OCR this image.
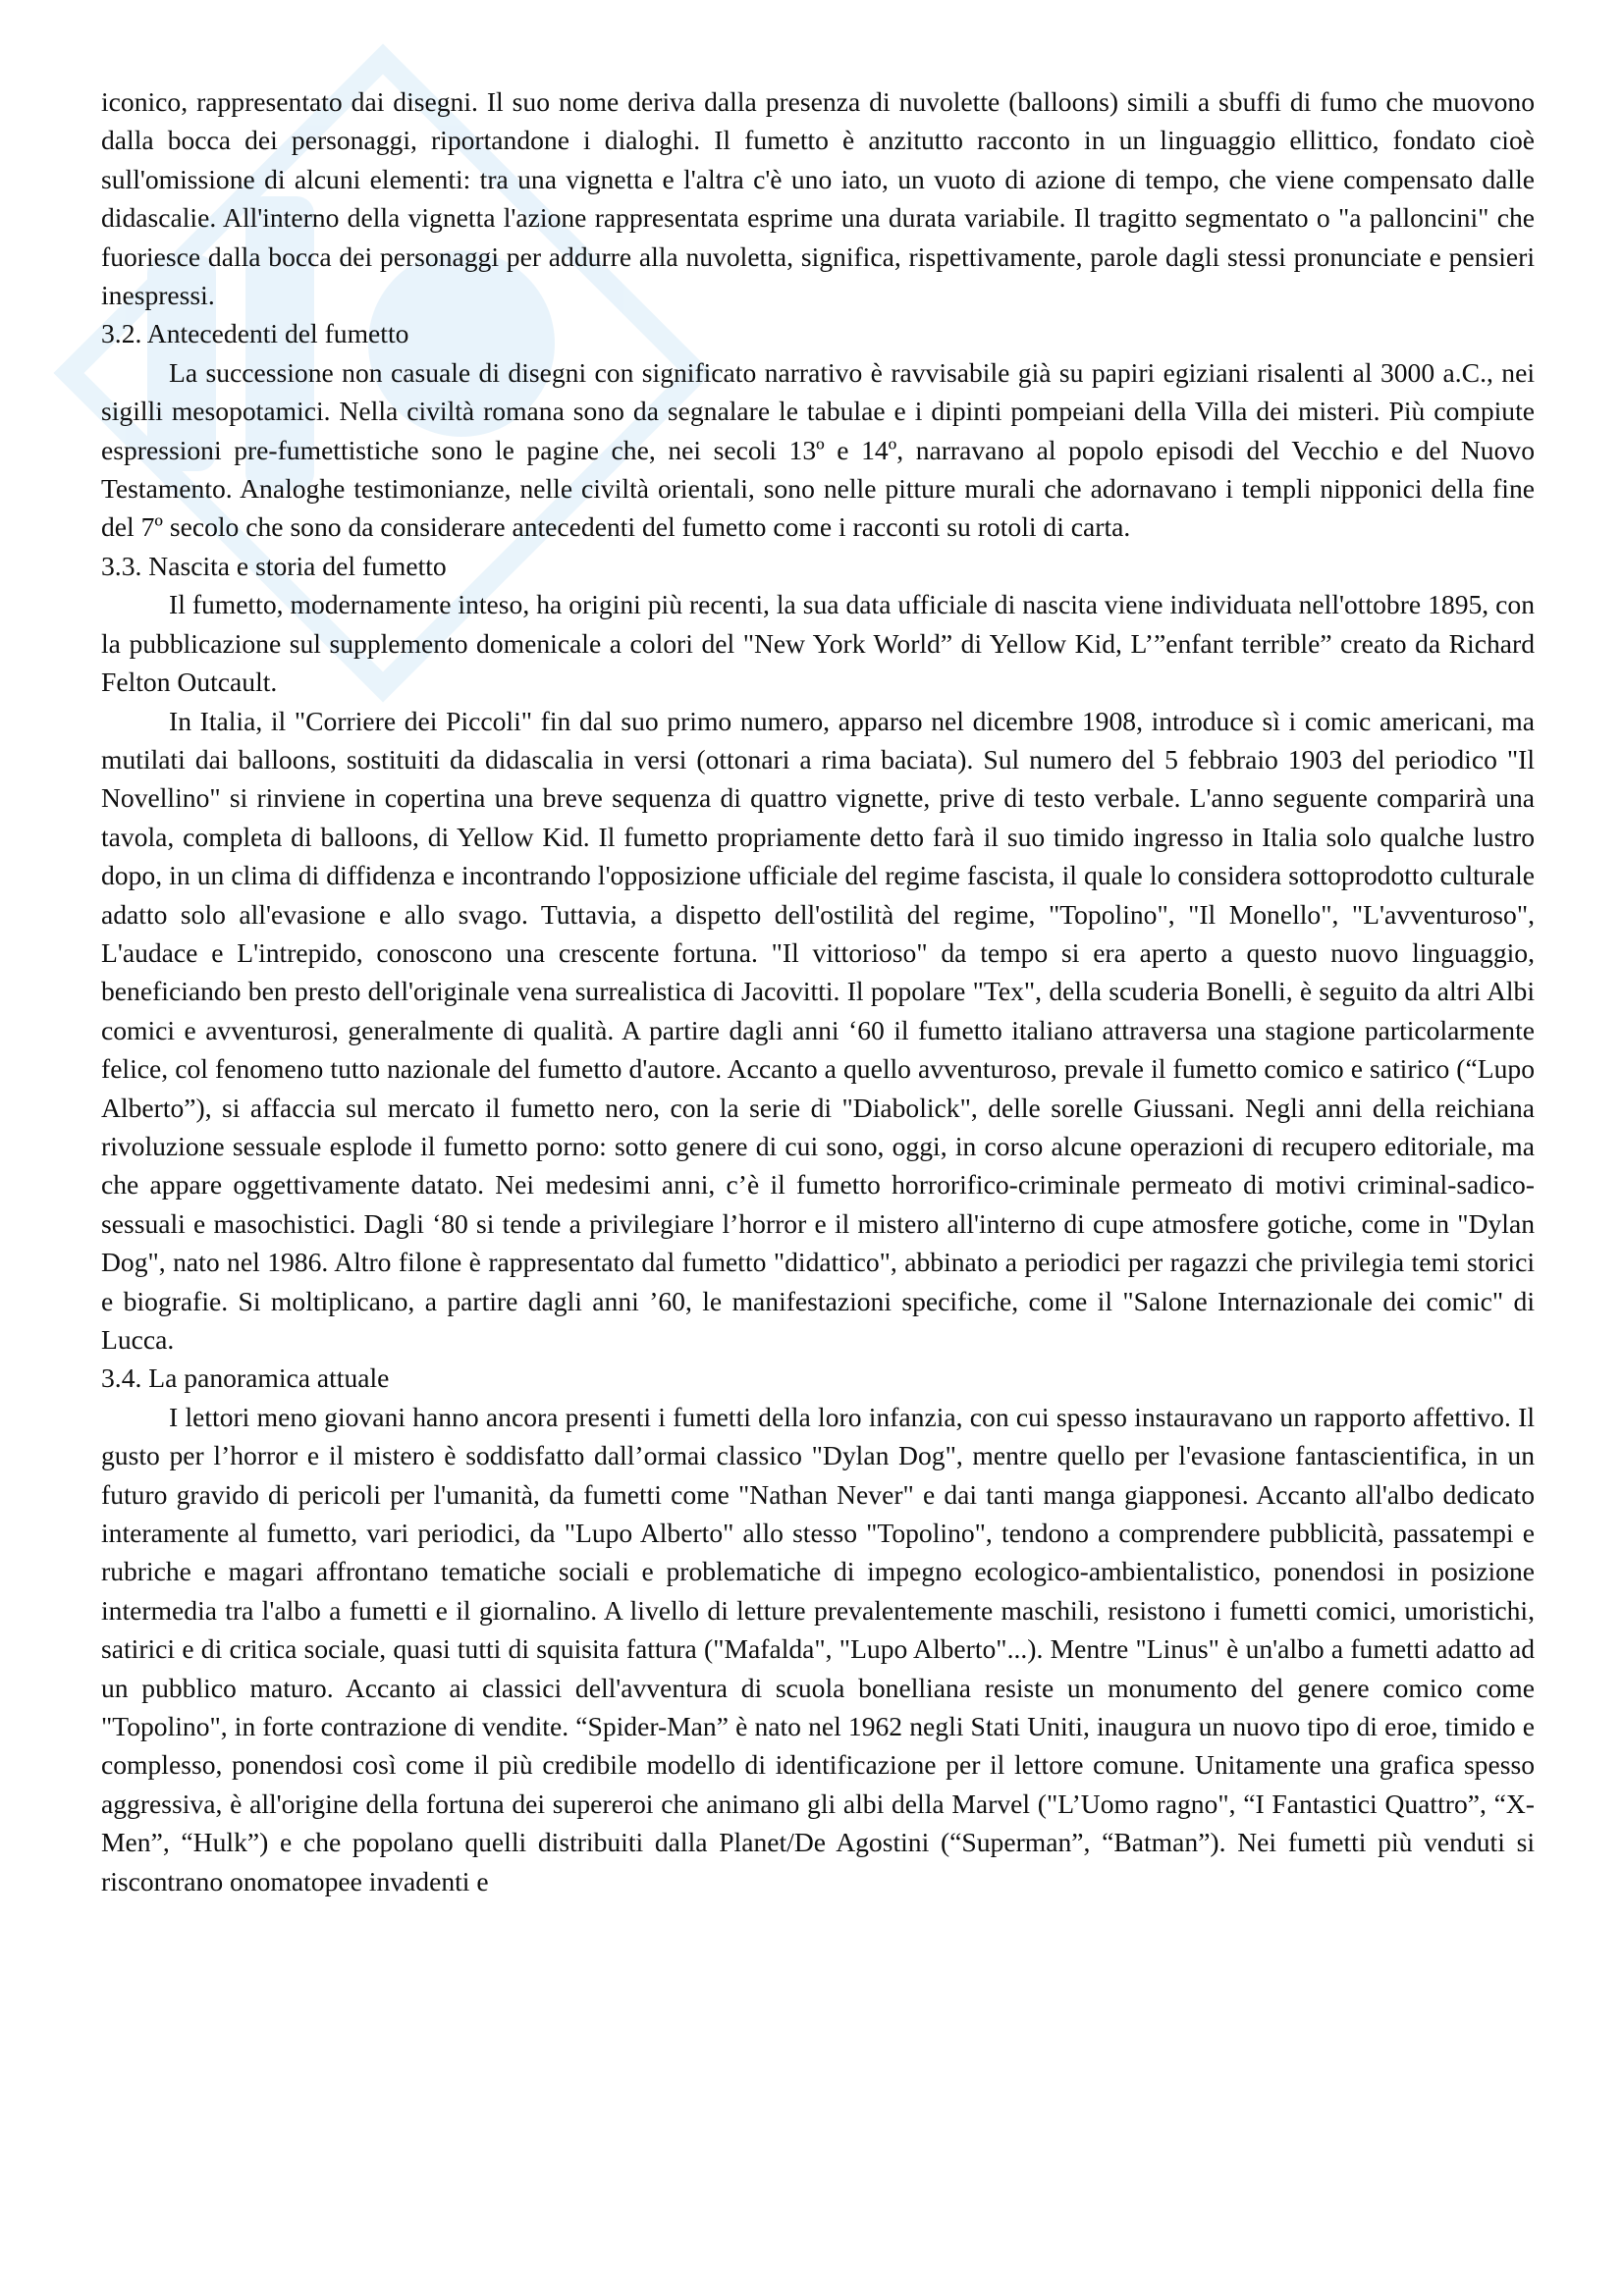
iconico, rappresentato dai disegni. Il suo nome deriva dalla presenza di nuvolette (balloons) simili a sbuffi di fumo che muovono dalla bocca dei personaggi, riportandone i dialoghi. Il fumetto è anzitutto racconto in un linguaggio ellittico, fondato cioè sull'omissione di alcuni elementi: tra una vignetta e l'altra c'è uno iato, un vuoto di azione di tempo, che viene compensato dalle didascalie. All'interno della vignetta l'azione rappresentata esprime una durata variabile. Il tragitto segmentato o "a palloncini" che fuoriesce dalla bocca dei personaggi per addurre alla nuvoletta, significa, rispettivamente, parole dagli stessi pronunciate e pensieri inespressi.

3.2. Antecedenti del fumetto

La successione non casuale di disegni con significato narrativo è ravvisabile già su papiri egiziani risalenti al 3000 a.C., nei sigilli mesopotamici. Nella civiltà romana sono da segnalare le tabulae e i dipinti pompeiani della Villa dei misteri. Più compiute espressioni pre-fumettistiche sono le pagine che, nei secoli 13º e 14º, narravano al popolo episodi del Vecchio e del Nuovo Testamento. Analoghe testimonianze, nelle civiltà orientali, sono nelle pitture murali che adornavano i templi nipponici della fine del 7º secolo che sono da considerare antecedenti del fumetto come i racconti su rotoli di carta.

3.3. Nascita e storia del fumetto

Il fumetto, modernamente inteso, ha origini più recenti, la sua data ufficiale di nascita viene individuata nell'ottobre 1895, con la pubblicazione sul supplemento domenicale a colori del "New York World” di Yellow Kid, L’”enfant terrible” creato da Richard Felton Outcault.

In Italia, il "Corriere dei Piccoli" fin dal suo primo numero, apparso nel dicembre 1908, introduce sì i comic americani, ma mutilati dai balloons, sostituiti da didascalia in versi (ottonari a rima baciata). Sul numero del 5 febbraio 1903 del periodico "Il Novellino" si rinviene in copertina una breve sequenza di quattro vignette, prive di testo verbale. L'anno seguente comparirà una tavola, completa di balloons, di Yellow Kid. Il fumetto propriamente detto farà il suo timido ingresso in Italia solo qualche lustro dopo, in un clima di diffidenza e incontrando l'opposizione ufficiale del regime fascista, il quale lo considera sottoprodotto culturale adatto solo all'evasione e allo svago. Tuttavia, a dispetto dell'ostilità del regime, "Topolino", "Il Monello", "L'avventuroso", L'audace e L'intrepido, conoscono una crescente fortuna. "Il vittorioso" da tempo si era aperto a questo nuovo linguaggio, beneficiando ben presto dell'originale vena surrealistica di Jacovitti. Il popolare "Tex", della scuderia Bonelli, è seguito da altri Albi comici e avventurosi, generalmente di qualità. A partire dagli anni ‘60 il fumetto italiano attraversa una stagione particolarmente felice, col fenomeno tutto nazionale del fumetto d'autore. Accanto a quello avventuroso, prevale il fumetto comico e satirico (“Lupo Alberto”), si affaccia sul mercato il fumetto nero, con la serie di "Diabolick", delle sorelle Giussani. Negli anni della reichiana rivoluzione sessuale esplode il fumetto porno: sotto genere di cui sono, oggi, in corso alcune operazioni di recupero editoriale, ma che appare oggettivamente datato. Nei medesimi anni, c’è il fumetto horrorifico-criminale permeato di motivi criminal-sadico-sessuali e masochistici. Dagli ‘80 si tende a privilegiare l’horror e il mistero all'interno di cupe atmosfere gotiche, come in "Dylan Dog", nato nel 1986. Altro filone è rappresentato dal fumetto "didattico", abbinato a periodici per ragazzi che privilegia temi storici e biografie. Si moltiplicano, a partire dagli anni ’60, le manifestazioni specifiche, come il "Salone Internazionale dei comic" di Lucca.

3.4. La panoramica attuale

I lettori meno giovani hanno ancora presenti i fumetti della loro infanzia, con cui spesso instauravano un rapporto affettivo. Il gusto per l’horror e il mistero è soddisfatto dall’ormai classico "Dylan Dog", mentre quello per l'evasione fantascientifica, in un futuro gravido di pericoli per l'umanità, da fumetti come "Nathan Never" e dai tanti manga giapponesi. Accanto all'albo dedicato interamente al fumetto, vari periodici, da "Lupo Alberto" allo stesso "Topolino", tendono a comprendere pubblicità, passatempi e rubriche e magari affrontano tematiche sociali e problematiche di impegno ecologico-ambientalistico, ponendosi in posizione intermedia tra l'albo a fumetti e il giornalino. A livello di letture prevalentemente maschili, resistono i fumetti comici, umoristichi, satirici e di critica sociale, quasi tutti di squisita fattura ("Mafalda", "Lupo Alberto"...). Mentre "Linus" è un'albo a fumetti adatto ad un pubblico maturo. Accanto ai classici dell'avventura di scuola bonelliana resiste un monumento del genere comico come "Topolino", in forte contrazione di vendite. “Spider-Man” è nato nel 1962 negli Stati Uniti, inaugura un nuovo tipo di eroe, timido e complesso, ponendosi così come il più credibile modello di identificazione per il lettore comune. Unitamente una grafica spesso aggressiva, è all'origine della fortuna dei supereroi che animano gli albi della Marvel ("L’Uomo ragno", “I Fantastici Quattro”, “X-Men”, “Hulk”) e che popolano quelli distribuiti dalla Planet/De Agostini (“Superman”, “Batman”). Nei fumetti più venduti si riscontrano onomatopee invadenti e
